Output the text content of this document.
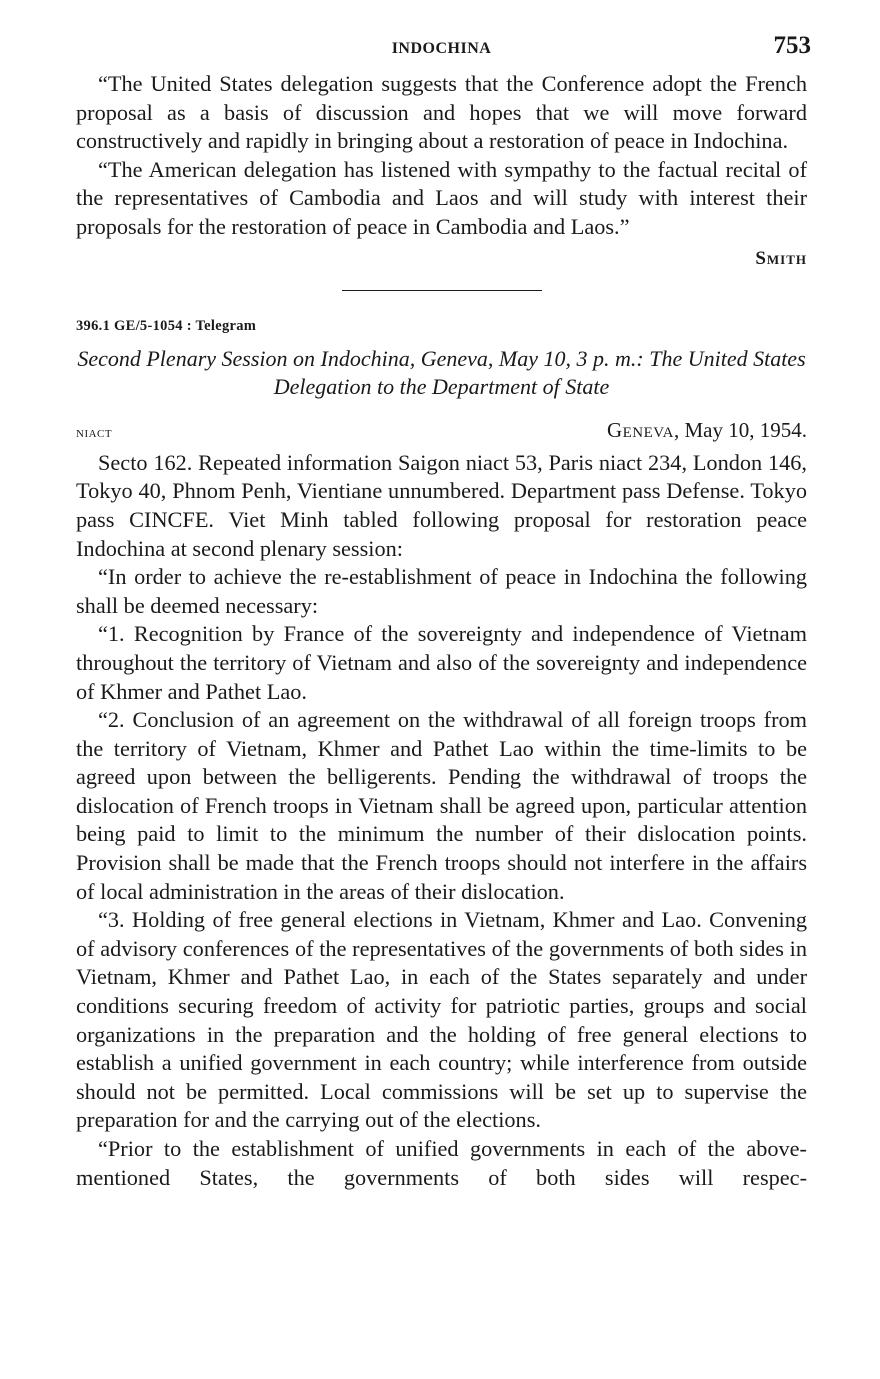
INDOCHINA	753

“The United States delegation suggests that the Conference adopt the French proposal as a basis of discussion and hopes that we will move forward constructively and rapidly in bringing about a restoration of peace in Indochina.

“The American delegation has listened with sympathy to the factual recital of the representatives of Cambodia and Laos and will study with interest their proposals for the restoration of peace in Cambodia and Laos.”

Smith
396.1 GE/5-1054 : Telegram
Second Plenary Session on Indochina, Geneva, May 10, 3 p. m.: The United States Delegation to the Department of State
niact	Geneva, May 10, 1954.

Secto 162. Repeated information Saigon niact 53, Paris niact 234, London 146, Tokyo 40, Phnom Penh, Vientiane unnumbered. Department pass Defense. Tokyo pass CINCFE. Viet Minh tabled following proposal for restoration peace Indochina at second plenary session:

“In order to achieve the re-establishment of peace in Indochina the following shall be deemed necessary:

“1. Recognition by France of the sovereignty and independence of Vietnam throughout the territory of Vietnam and also of the sovereignty and independence of Khmer and Pathet Lao.

“2. Conclusion of an agreement on the withdrawal of all foreign troops from the territory of Vietnam, Khmer and Pathet Lao within the time-limits to be agreed upon between the belligerents. Pending the withdrawal of troops the dislocation of French troops in Vietnam shall be agreed upon, particular attention being paid to limit to the minimum the number of their dislocation points. Provision shall be made that the French troops should not interfere in the affairs of local administration in the areas of their dislocation.

“3. Holding of free general elections in Vietnam, Khmer and Lao. Convening of advisory conferences of the representatives of the governments of both sides in Vietnam, Khmer and Pathet Lao, in each of the States separately and under conditions securing freedom of activity for patriotic parties, groups and social organizations in the preparation and the holding of free general elections to establish a unified government in each country; while interference from outside should not be permitted. Local commissions will be set up to supervise the preparation for and the carrying out of the elections.

“Prior to the establishment of unified governments in each of the above-mentioned States, the governments of both sides will respec-
